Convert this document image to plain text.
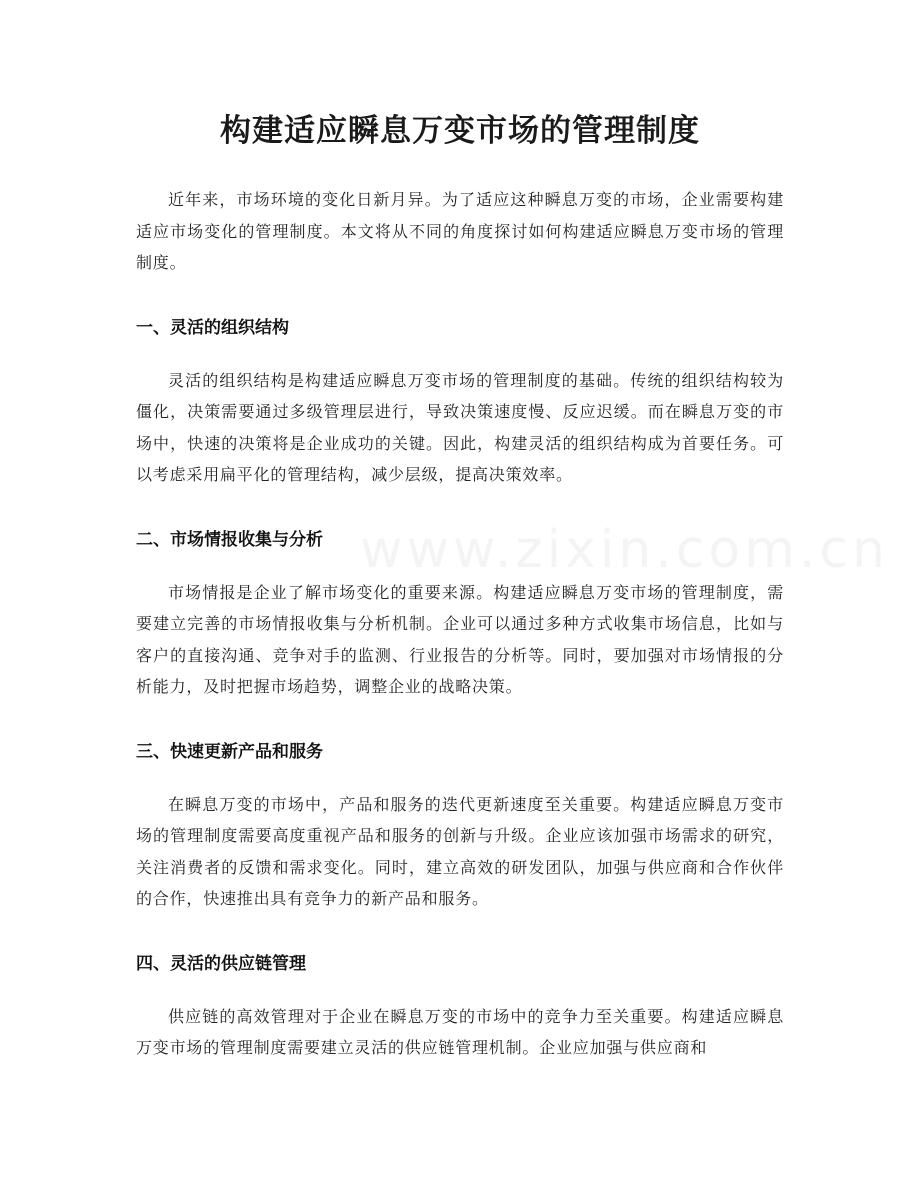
www.zixin.com.cn
构建适应瞬息万变市场的管理制度

近年来，市场环境的变化日新月异。为了适应这种瞬息万变的市场，企业需要构建适应市场变化的管理制度。本文将从不同的角度探讨如何构建适应瞬息万变市场的管理制度。

一、灵活的组织结构

灵活的组织结构是构建适应瞬息万变市场的管理制度的基础。传统的组织结构较为僵化，决策需要通过多级管理层进行，导致决策速度慢、反应迟缓。而在瞬息万变的市场中，快速的决策将是企业成功的关键。因此，构建灵活的组织结构成为首要任务。可以考虑采用扁平化的管理结构，减少层级，提高决策效率。

二、市场情报收集与分析

市场情报是企业了解市场变化的重要来源。构建适应瞬息万变市场的管理制度，需要建立完善的市场情报收集与分析机制。企业可以通过多种方式收集市场信息，比如与客户的直接沟通、竞争对手的监测、行业报告的分析等。同时，要加强对市场情报的分析能力，及时把握市场趋势，调整企业的战略决策。

三、快速更新产品和服务

在瞬息万变的市场中，产品和服务的迭代更新速度至关重要。构建适应瞬息万变市场的管理制度需要高度重视产品和服务的创新与升级。企业应该加强市场需求的研究，关注消费者的反馈和需求变化。同时，建立高效的研发团队，加强与供应商和合作伙伴的合作，快速推出具有竞争力的新产品和服务。

四、灵活的供应链管理

供应链的高效管理对于企业在瞬息万变的市场中的竞争力至关重要。构建适应瞬息万变市场的管理制度需要建立灵活的供应链管理机制。企业应加强与供应商和
